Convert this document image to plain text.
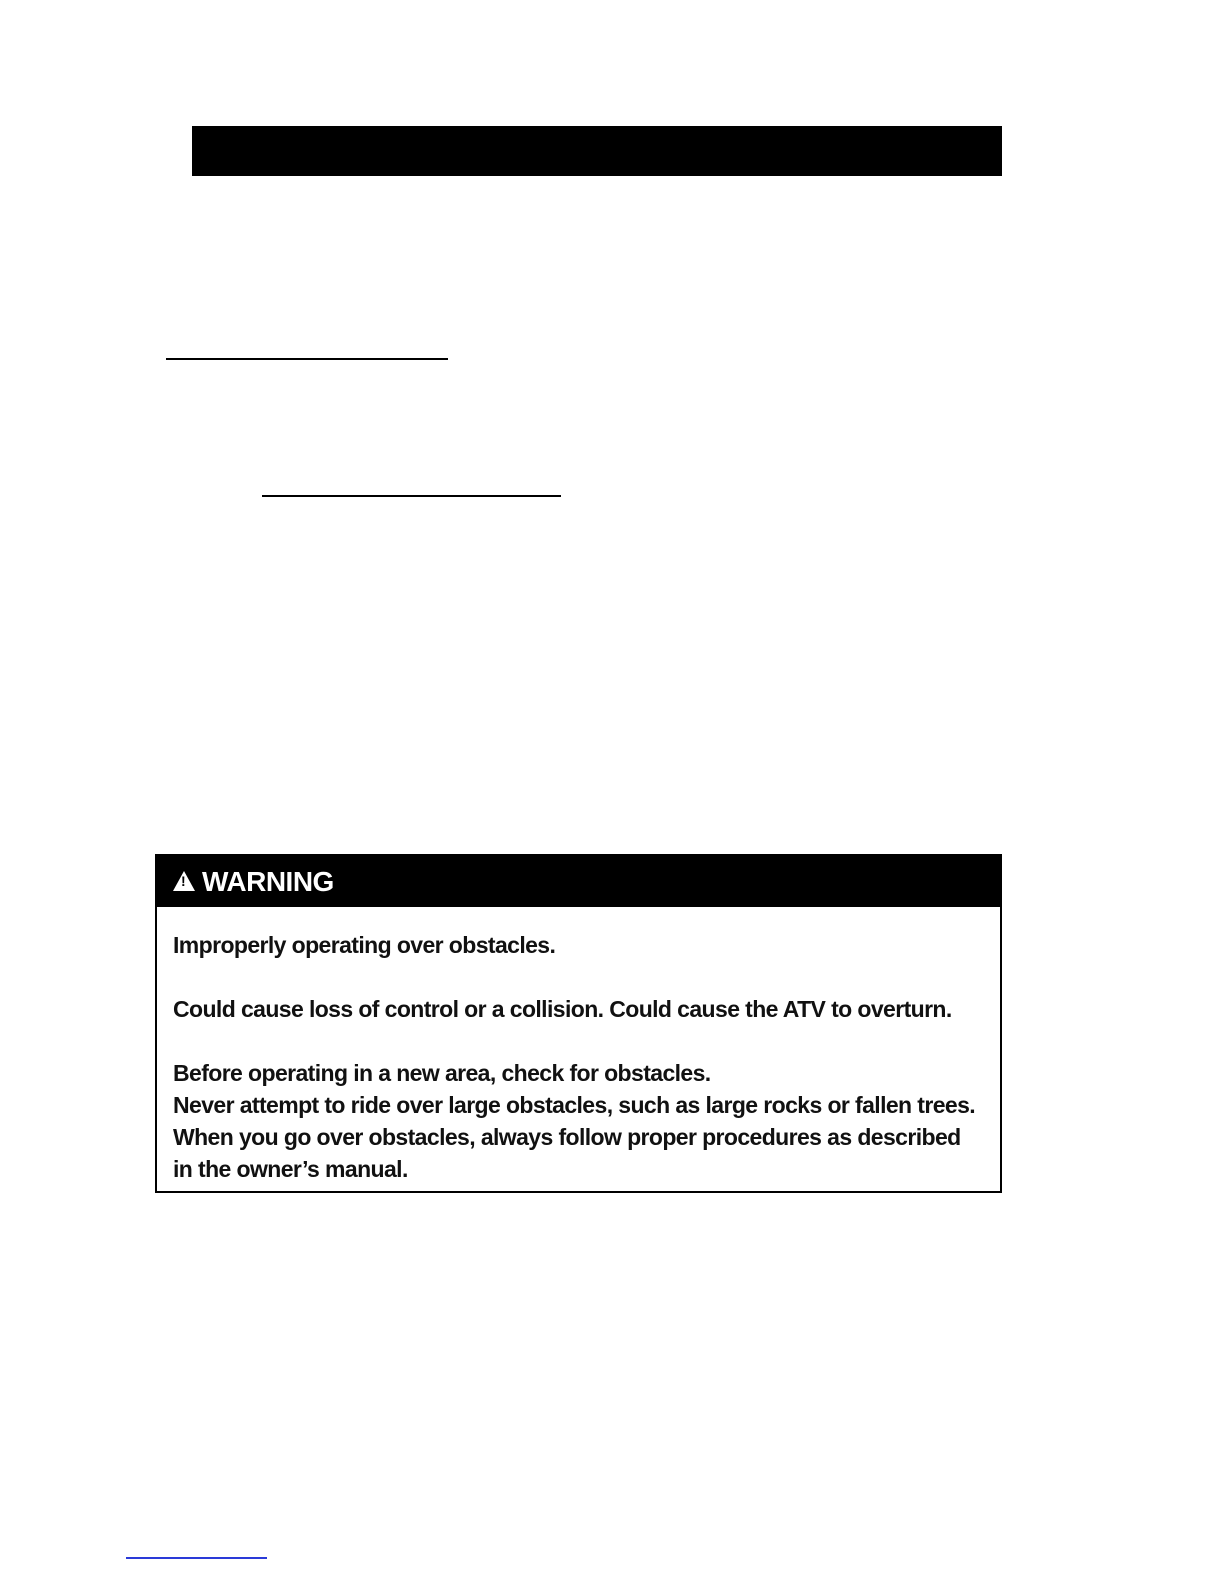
!
WARNING

Improperly operating over obstacles.

Could cause loss of control or a collision. Could cause the ATV to overturn.

Before operating in a new area, check for obstacles.

Never attempt to ride over large obstacles, such as large rocks or fallen trees.

When you go over obstacles, always follow proper procedures as described

in the owner’s manual.
